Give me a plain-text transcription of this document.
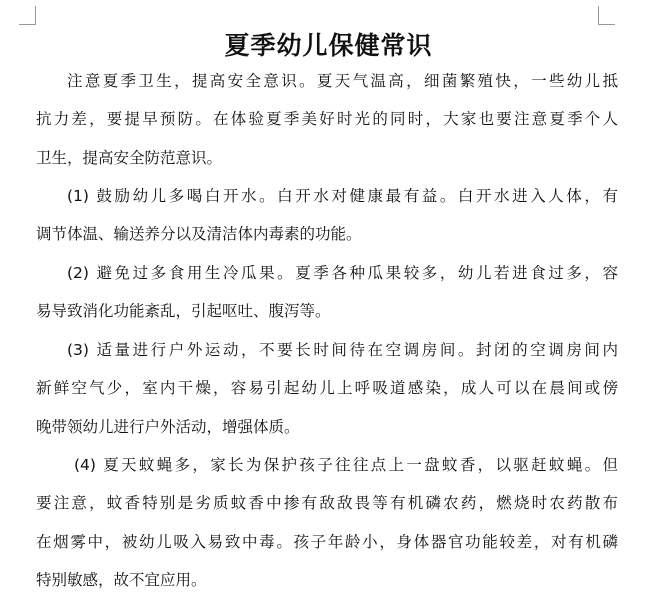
夏季幼儿保健常识
注意夏季卫生，提高安全意识。夏天气温高，细菌繁殖快，一些幼儿抵
抗力差，要提早预防。在体验夏季美好时光的同时，大家也要注意夏季个人
卫生，提高安全防范意识。
(1) 鼓励幼儿多喝白开水。白开水对健康最有益。白开水进入人体，有
调节体温、输送养分以及清洁体内毒素的功能。
(2) 避免过多食用生冷瓜果。夏季各种瓜果较多，幼儿若进食过多，容
易导致消化功能紊乱，引起呕吐、腹泻等。
(3) 适量进行户外运动，不要长时间待在空调房间。封闭的空调房间内
新鲜空气少，室内干燥，容易引起幼儿上呼吸道感染，成人可以在晨间或傍
晚带领幼儿进行户外活动，增强体质。
(4) 夏天蚊蝇多，家长为保护孩子往往点上一盘蚊香，以驱赶蚊蝇。但
要注意，蚊香特别是劣质蚊香中掺有敌敌畏等有机磷农药，燃烧时农药散布
在烟雾中，被幼儿吸入易致中毒。孩子年龄小，身体器官功能较差，对有机磷
特别敏感，故不宜应用。
